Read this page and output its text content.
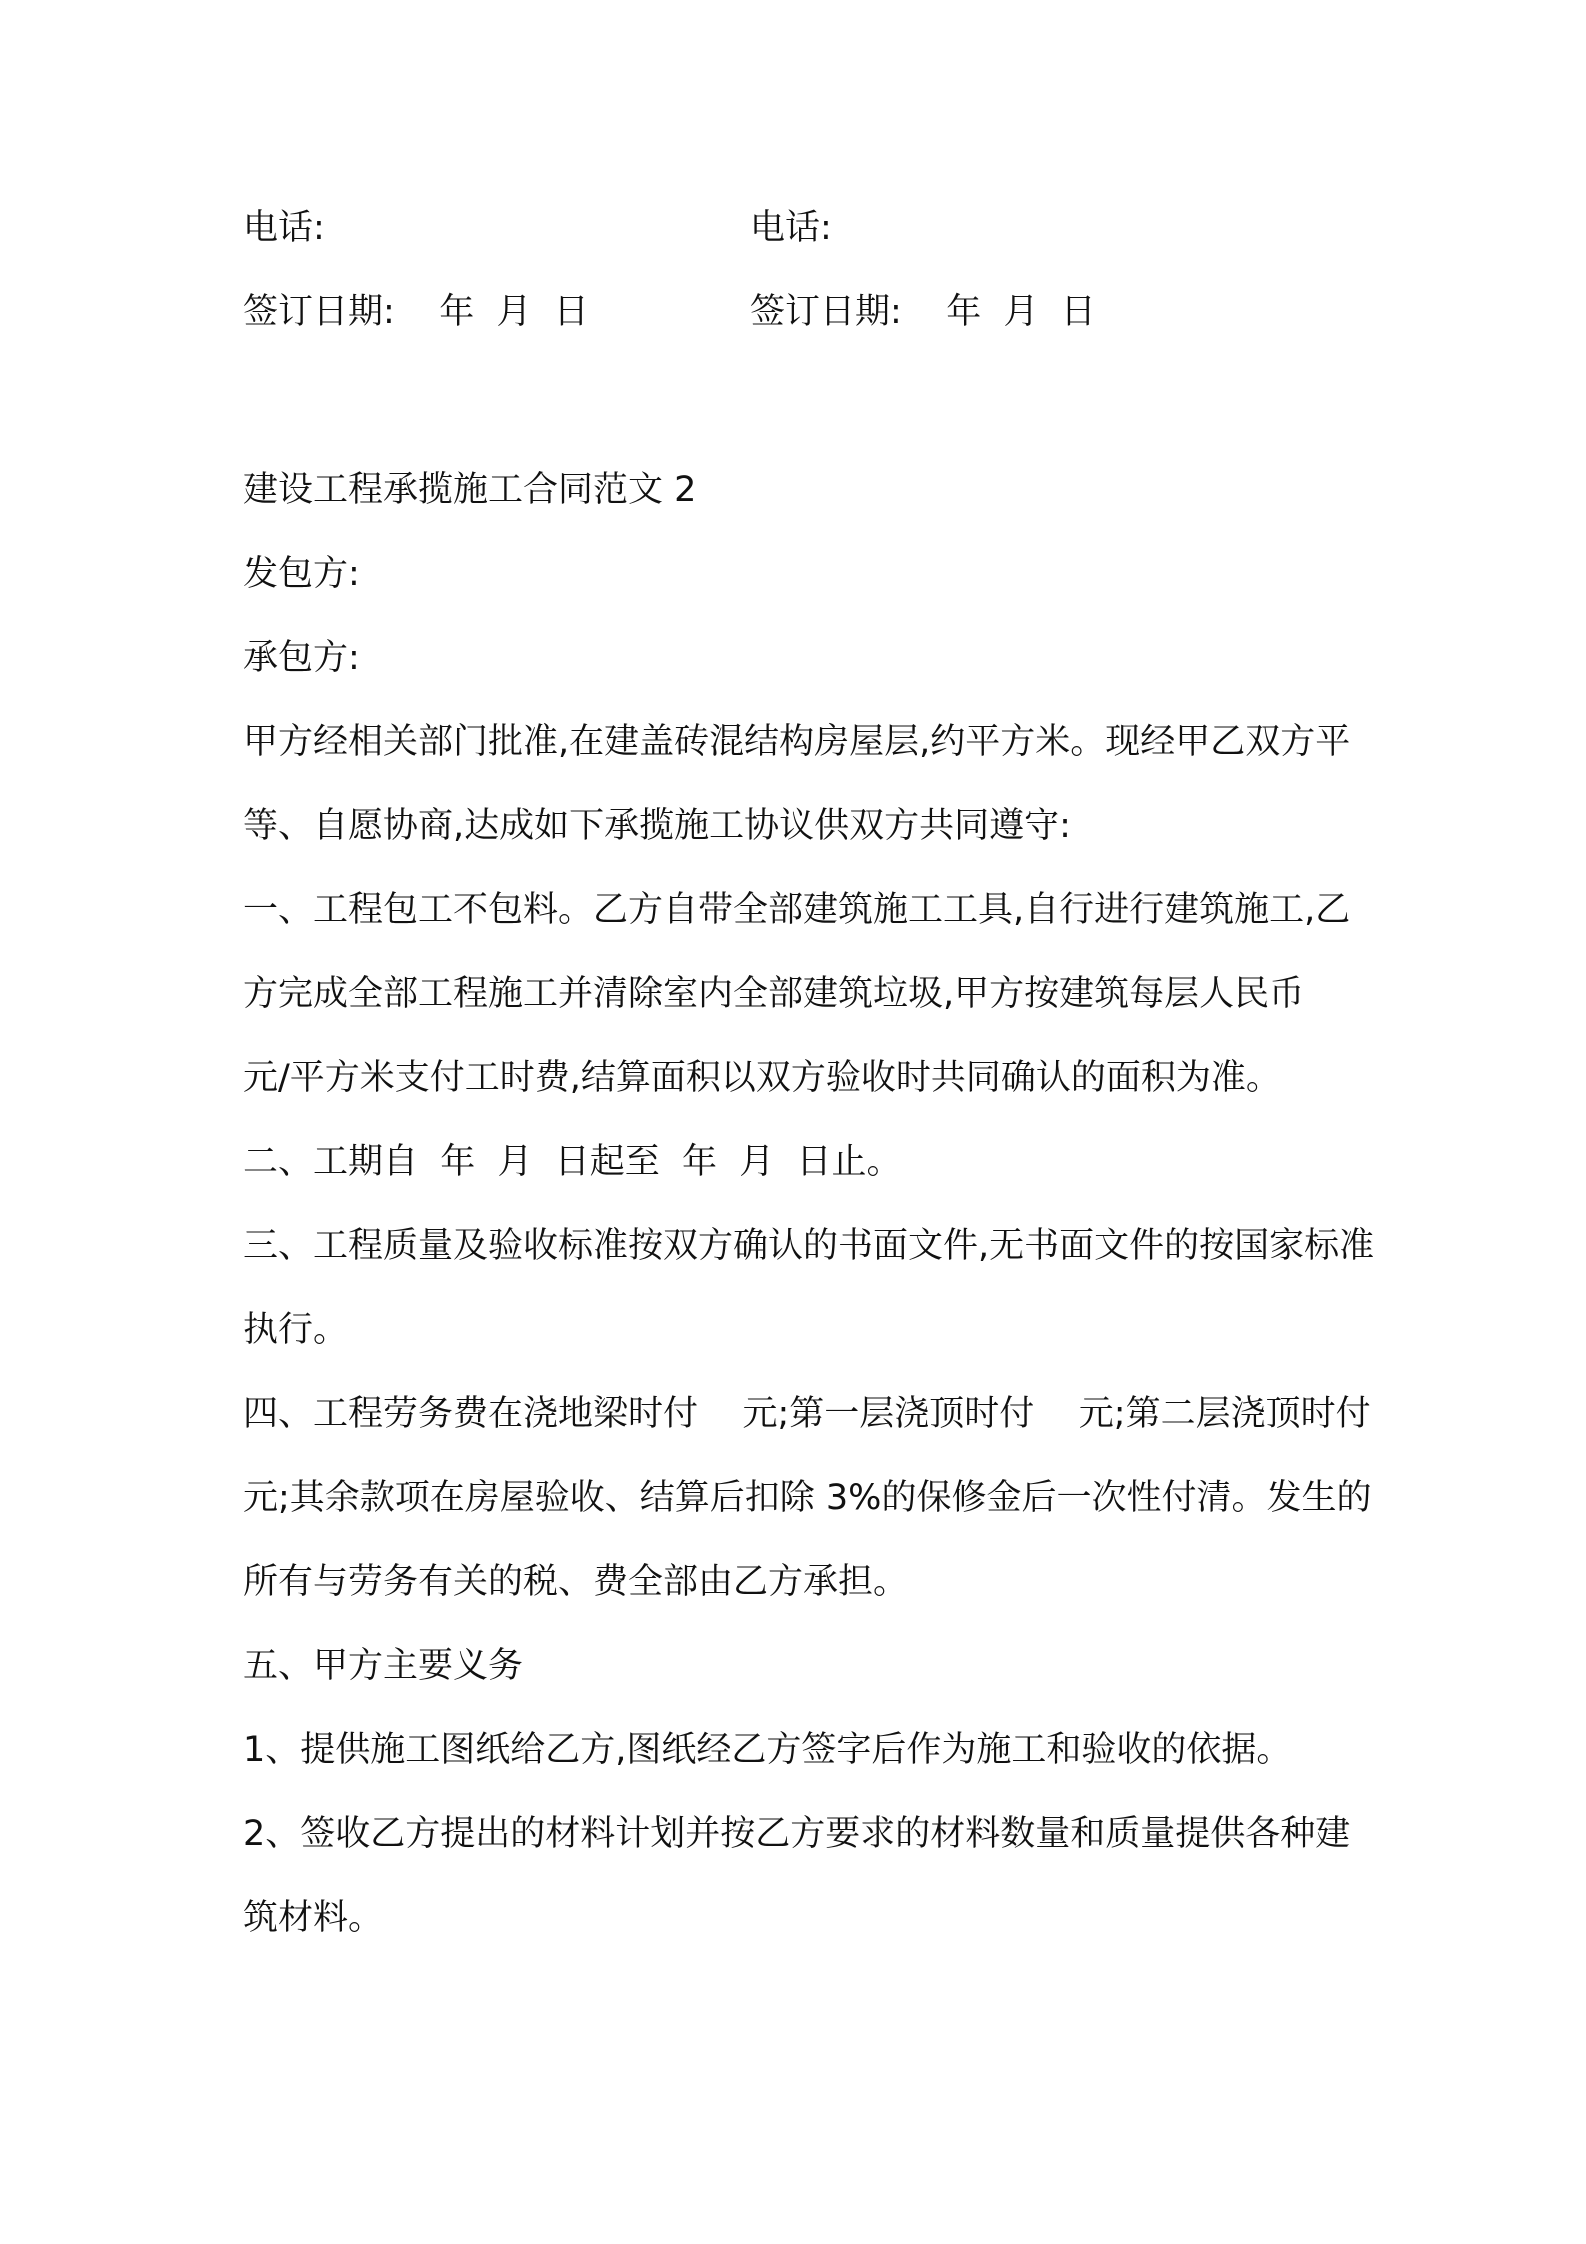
电话:	电话:
签订日期:    年  月  日	签订日期:    年  月  日

建设工程承揽施工合同范文 2

发包方:

承包方:

甲方经相关部门批准,在建盖砖混结构房屋层,约平方米。现经甲乙双方平等、自愿协商,达成如下承揽施工协议供双方共同遵守:

一、工程包工不包料。乙方自带全部建筑施工工具,自行进行建筑施工,乙方完成全部工程施工并清除室内全部建筑垃圾,甲方按建筑每层人民币    元/平方米支付工时费,结算面积以双方验收时共同确认的面积为准。

二、工期自  年  月  日起至  年  月  日止。

三、工程质量及验收标准按双方确认的书面文件,无书面文件的按国家标准执行。

四、工程劳务费在浇地梁时付    元;第一层浇顶时付    元;第二层浇顶时付    元;其余款项在房屋验收、结算后扣除 3%的保修金后一次性付清。发生的所有与劳务有关的税、费全部由乙方承担。

五、甲方主要义务

1、提供施工图纸给乙方,图纸经乙方签字后作为施工和验收的依据。

2、签收乙方提出的材料计划并按乙方要求的材料数量和质量提供各种建筑材料。
